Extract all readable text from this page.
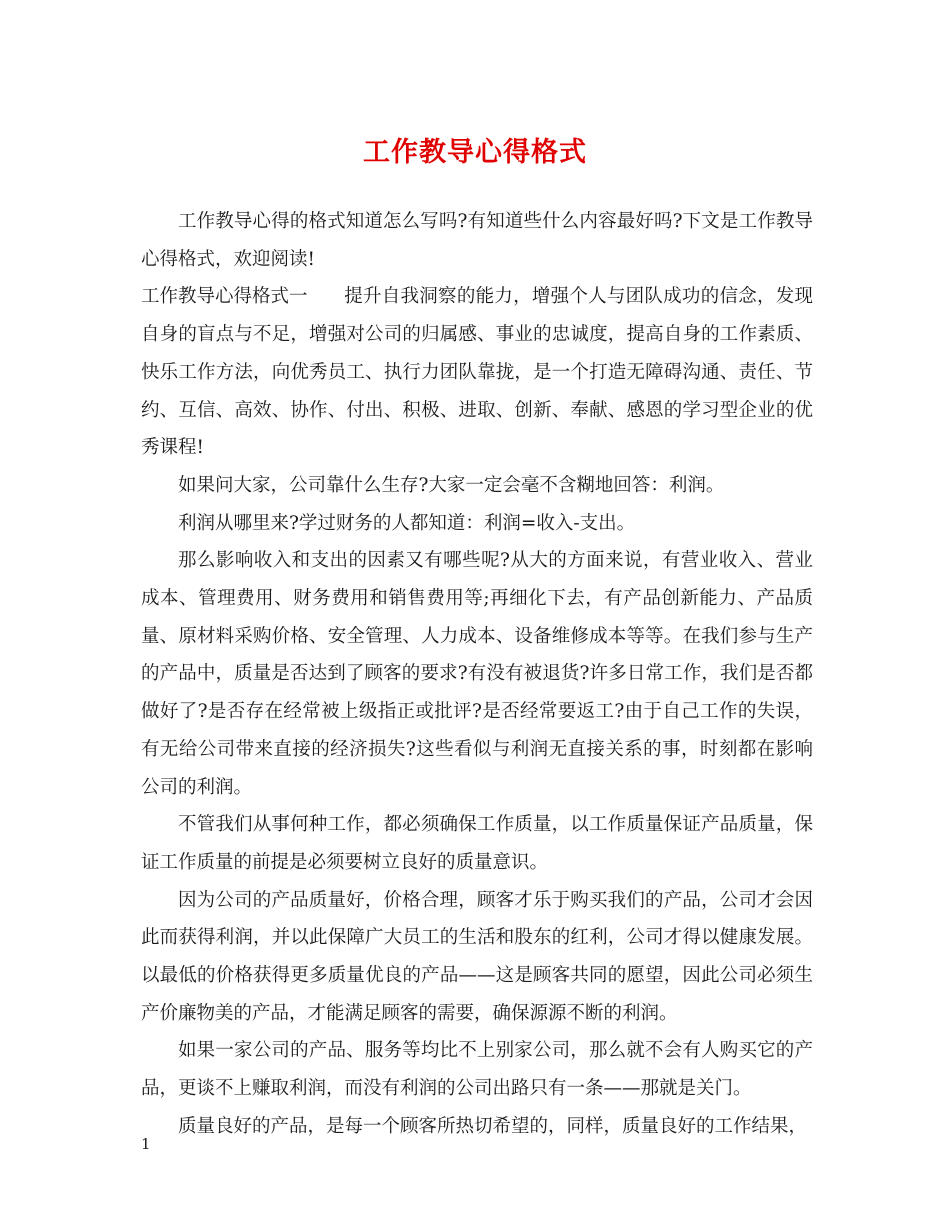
工作教导心得格式

工作教导心得的格式知道怎么写吗?有知道些什么内容最好吗?下文是工作教导心得格式，欢迎阅读!

工作教导心得格式一 提升自我洞察的能力，增强个人与团队成功的信念，发现自身的盲点与不足，增强对公司的归属感、事业的忠诚度，提高自身的工作素质、快乐工作方法，向优秀员工、执行力团队靠拢，是一个打造无障碍沟通、责任、节约、互信、高效、协作、付出、积极、进取、创新、奉献、感恩的学习型企业的优秀课程!

如果问大家，公司靠什么生存?大家一定会毫不含糊地回答：利润。

利润从哪里来?学过财务的人都知道：利润=收入-支出。

那么影响收入和支出的因素又有哪些呢?从大的方面来说，有营业收入、营业成本、管理费用、财务费用和销售费用等;再细化下去，有产品创新能力、产品质量、原材料采购价格、安全管理、人力成本、设备维修成本等等。在我们参与生产的产品中，质量是否达到了顾客的要求?有没有被退货?许多日常工作，我们是否都做好了?是否存在经常被上级指正或批评?是否经常要返工?由于自己工作的失误，有无给公司带来直接的经济损失?这些看似与利润无直接关系的事，时刻都在影响公司的利润。

不管我们从事何种工作，都必须确保工作质量，以工作质量保证产品质量，保证工作质量的前提是必须要树立良好的质量意识。

因为公司的产品质量好，价格合理，顾客才乐于购买我们的产品，公司才会因此而获得利润，并以此保障广大员工的生活和股东的红利，公司才得以健康发展。以最低的价格获得更多质量优良的产品——这是顾客共同的愿望，因此公司必须生产价廉物美的产品，才能满足顾客的需要，确保源源不断的利润。

如果一家公司的产品、服务等均比不上别家公司，那么就不会有人购买它的产品，更谈不上赚取利润，而没有利润的公司出路只有一条——那就是关门。

质量良好的产品，是每一个顾客所热切希望的，同样，质量良好的工作结果，

1
